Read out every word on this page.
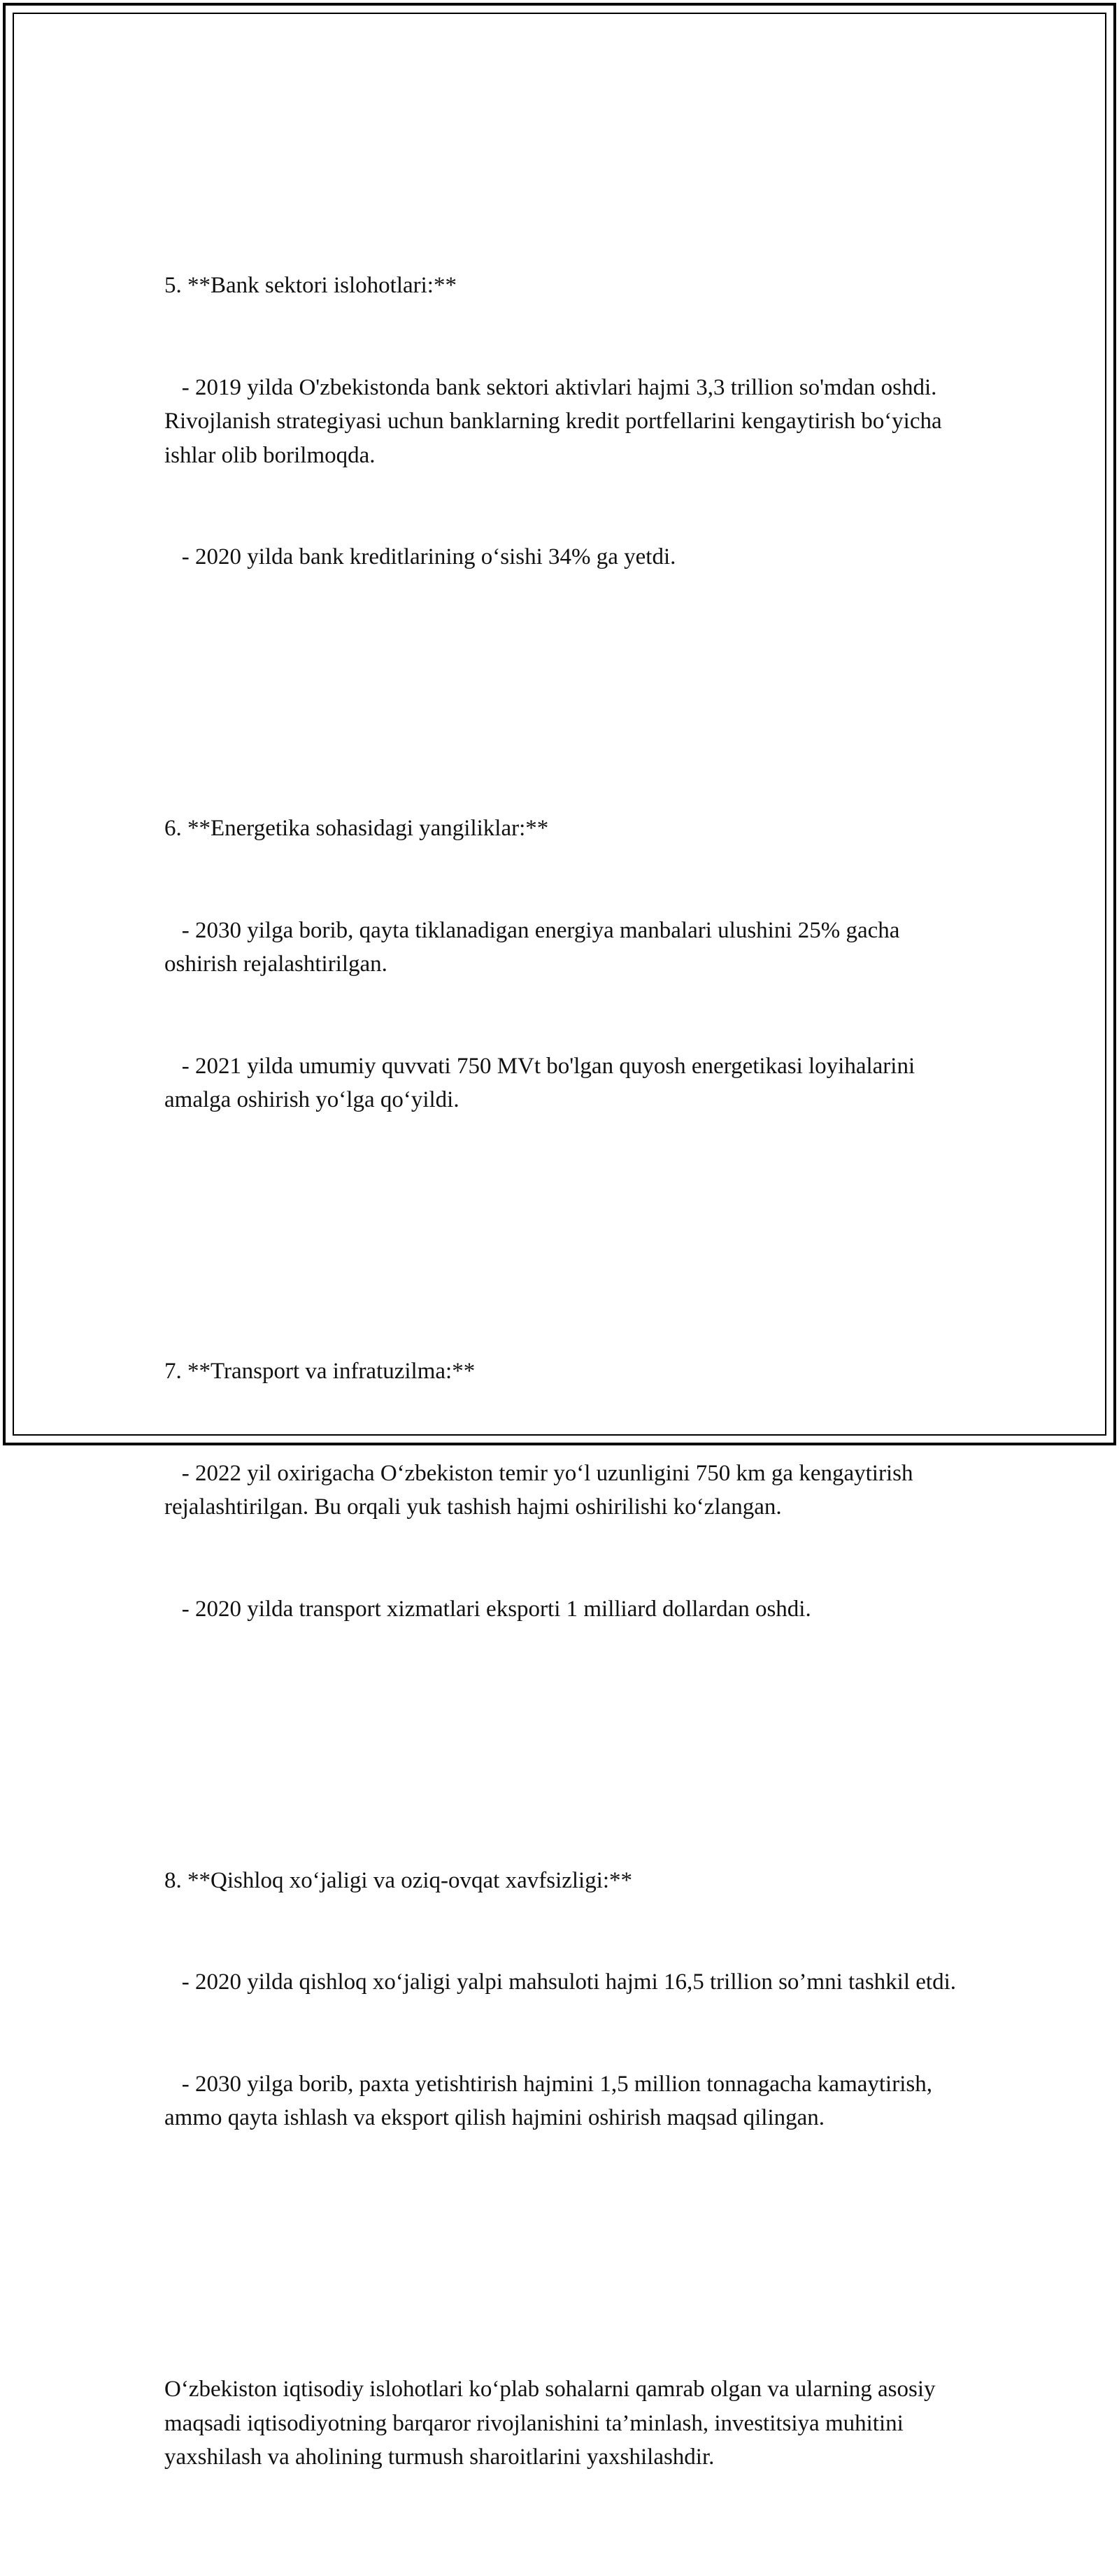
5. **Bank sektori islohotlari:**

- 2019 yilda O'zbekistonda bank sektori aktivlari hajmi 3,3 trillion so'mdan oshdi. Rivojlanish strategiyasi uchun banklarning kredit portfellarini kengaytirish bo‘yicha ishlar olib borilmoqda.

- 2020 yilda bank kreditlarining o‘sishi 34% ga yetdi.

6. **Energetika sohasidagi yangiliklar:**

- 2030 yilga borib, qayta tiklanadigan energiya manbalari ulushini 25% gacha oshirish rejalashtirilgan.

- 2021 yilda umumiy quvvati 750 MVt bo'lgan quyosh energetikasi loyihalarini amalga oshirish yo‘lga qo‘yildi.

7. **Transport va infratuzilma:**

- 2022 yil oxirigacha O‘zbekiston temir yo‘l uzunligini 750 km ga kengaytirish rejalashtirilgan. Bu orqali yuk tashish hajmi oshirilishi ko‘zlangan.

- 2020 yilda transport xizmatlari eksporti 1 milliard dollardan oshdi.

8. **Qishloq xo‘jaligi va oziq-ovqat xavfsizligi:**

- 2020 yilda qishloq xo‘jaligi yalpi mahsuloti hajmi 16,5 trillion so’mni tashkil etdi.

- 2030 yilga borib, paxta yetishtirish hajmini 1,5 million tonnagacha kamaytirish, ammo qayta ishlash va eksport qilish hajmini oshirish maqsad qilingan.

O‘zbekiston iqtisodiy islohotlari ko‘plab sohalarni qamrab olgan va ularning asosiy maqsadi iqtisodiyotning barqaror rivojlanishini ta’minlash, investitsiya muhitini yaxshilash va aholining turmush sharoitlarini yaxshilashdir.
